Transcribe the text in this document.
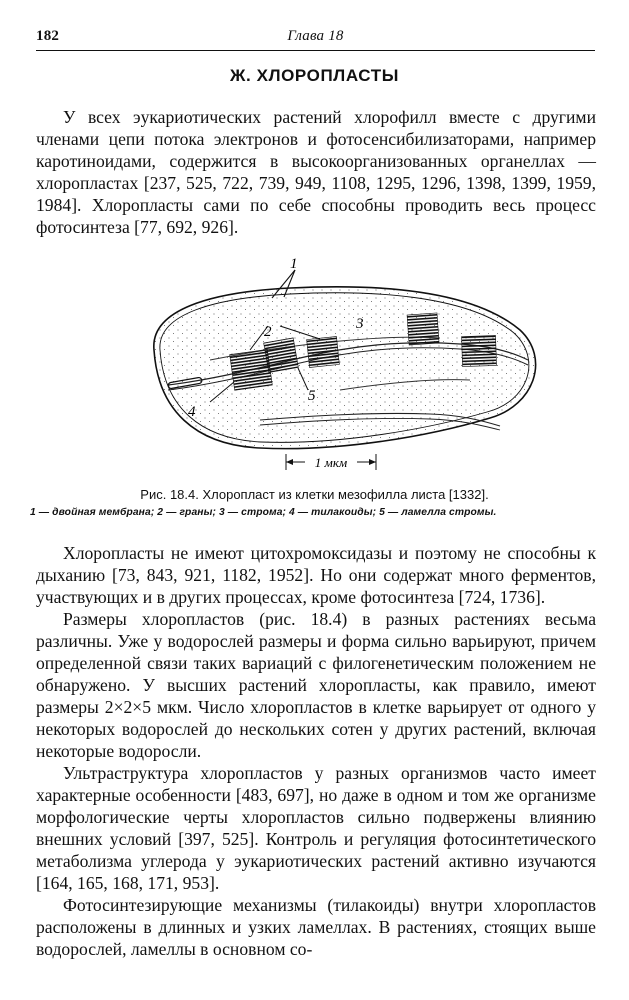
182	Глава 18
Ж. ХЛОРОПЛАСТЫ

У всех эукариотических растений хлорофилл вместе с другими членами цепи потока электронов и фотосенсибилизаторами, например каротиноидами, содержится в высокоорганизованных органеллах — хлоропластах [237, 525, 722, 739, 949, 1108, 1295, 1296, 1398, 1399, 1959, 1984]. Хлоропласты сами по себе способны проводить весь процесс фотосинтеза [77, 692, 926].

1
2	3
4
5
1 мкм
Рис. 18.4. Хлоропласт из клетки мезофилла листа [1332].
1 — двойная мембрана; 2 — граны; 3 — строма; 4 — тилакоиды; 5 — ламелла стромы.

Хлоропласты не имеют цитохромоксидазы и поэтому не способны к дыханию [73, 843, 921, 1182, 1952]. Но они содержат много ферментов, участвующих и в других процессах, кроме фотосинтеза [724, 1736].

Размеры хлоропластов (рис. 18.4) в разных растениях весьма различны. Уже у водорослей размеры и форма сильно варьируют, причем определенной связи таких вариаций с филогенетическим положением не обнаружено. У высших растений хлоропласты, как правило, имеют размеры 2×2×5 мкм. Число хлоропластов в клетке варьирует от одного у некоторых водорослей до нескольких сотен у других растений, включая некоторые водоросли.

Ультраструктура хлоропластов у разных организмов часто имеет характерные особенности [483, 697], но даже в одном и том же организме морфологические черты хлоропластов сильно подвержены влиянию внешних условий [397, 525]. Контроль и регуляция фотосинтетического метаболизма углерода у эукариотических растений активно изучаются [164, 165, 168, 171, 953].

Фотосинтезирующие механизмы (тилакоиды) внутри хлоропластов расположены в длинных и узких ламеллах. В растениях, стоящих выше водорослей, ламеллы в основном со-
